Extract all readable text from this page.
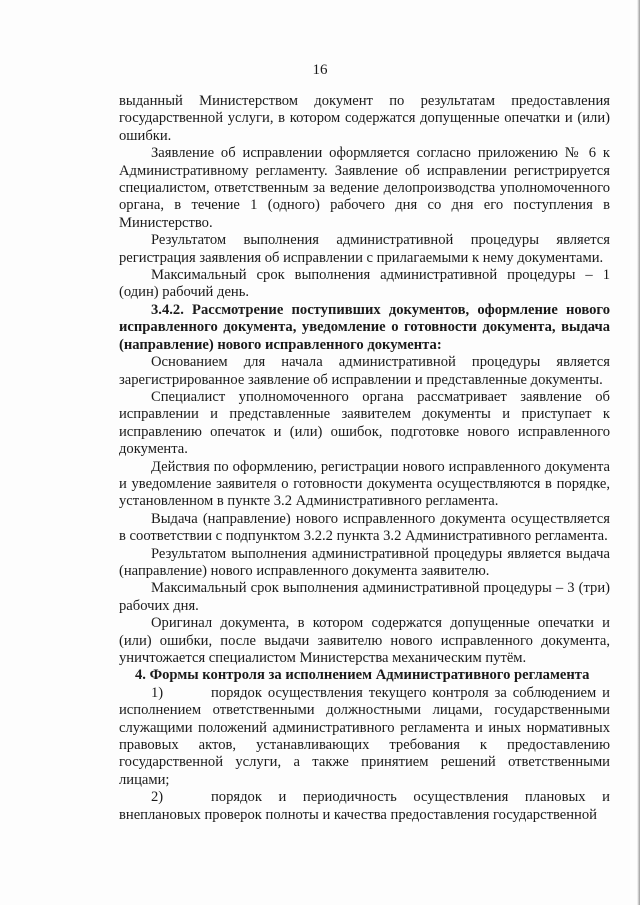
16

выданный Министерством документ по результатам предоставления государственной услуги, в котором содержатся допущенные опечатки и (или) ошибки.

Заявление об исправлении оформляется согласно приложению № 6 к Административному регламенту. Заявление об исправлении регистрируется специалистом, ответственным за ведение делопроизводства уполномоченного органа, в течение 1 (одного) рабочего дня со дня его поступления в Министерство.

Результатом выполнения административной процедуры является регистрация заявления об исправлении с прилагаемыми к нему документами.

Максимальный срок выполнения административной процедуры – 1 (один) рабочий день.

3.4.2. Рассмотрение поступивших документов, оформление нового исправленного документа, уведомление о готовности документа, выдача (направление) нового исправленного документа:

Основанием для начала административной процедуры является зарегистрированное заявление об исправлении и представленные документы.

Специалист уполномоченного органа рассматривает заявление об исправлении и представленные заявителем документы и приступает к исправлению опечаток и (или) ошибок, подготовке нового исправленного документа.

Действия по оформлению, регистрации нового исправленного документа и уведомление заявителя о готовности документа осуществляются в порядке, установленном в пункте 3.2 Административного регламента.

Выдача (направление) нового исправленного документа осуществляется в соответствии с подпунктом 3.2.2 пункта 3.2 Административного регламента.

Результатом выполнения административной процедуры является выдача (направление) нового исправленного документа заявителю.

Максимальный срок выполнения административной процедуры – 3 (три) рабочих дня.

Оригинал документа, в котором содержатся допущенные опечатки и (или) ошибки, после выдачи заявителю нового исправленного документа, уничтожается специалистом Министерства механическим путём.

4. Формы контроля за исполнением Административного регламента

1)	порядок осуществления текущего контроля за соблюдением и исполнением ответственными должностными лицами, государственными служащими положений административного регламента и иных нормативных правовых актов, устанавливающих требования к предоставлению государственной услуги, а также принятием решений ответственными лицами;

2)	порядок и периодичность осуществления плановых и внеплановых проверок полноты и качества предоставления государственной
